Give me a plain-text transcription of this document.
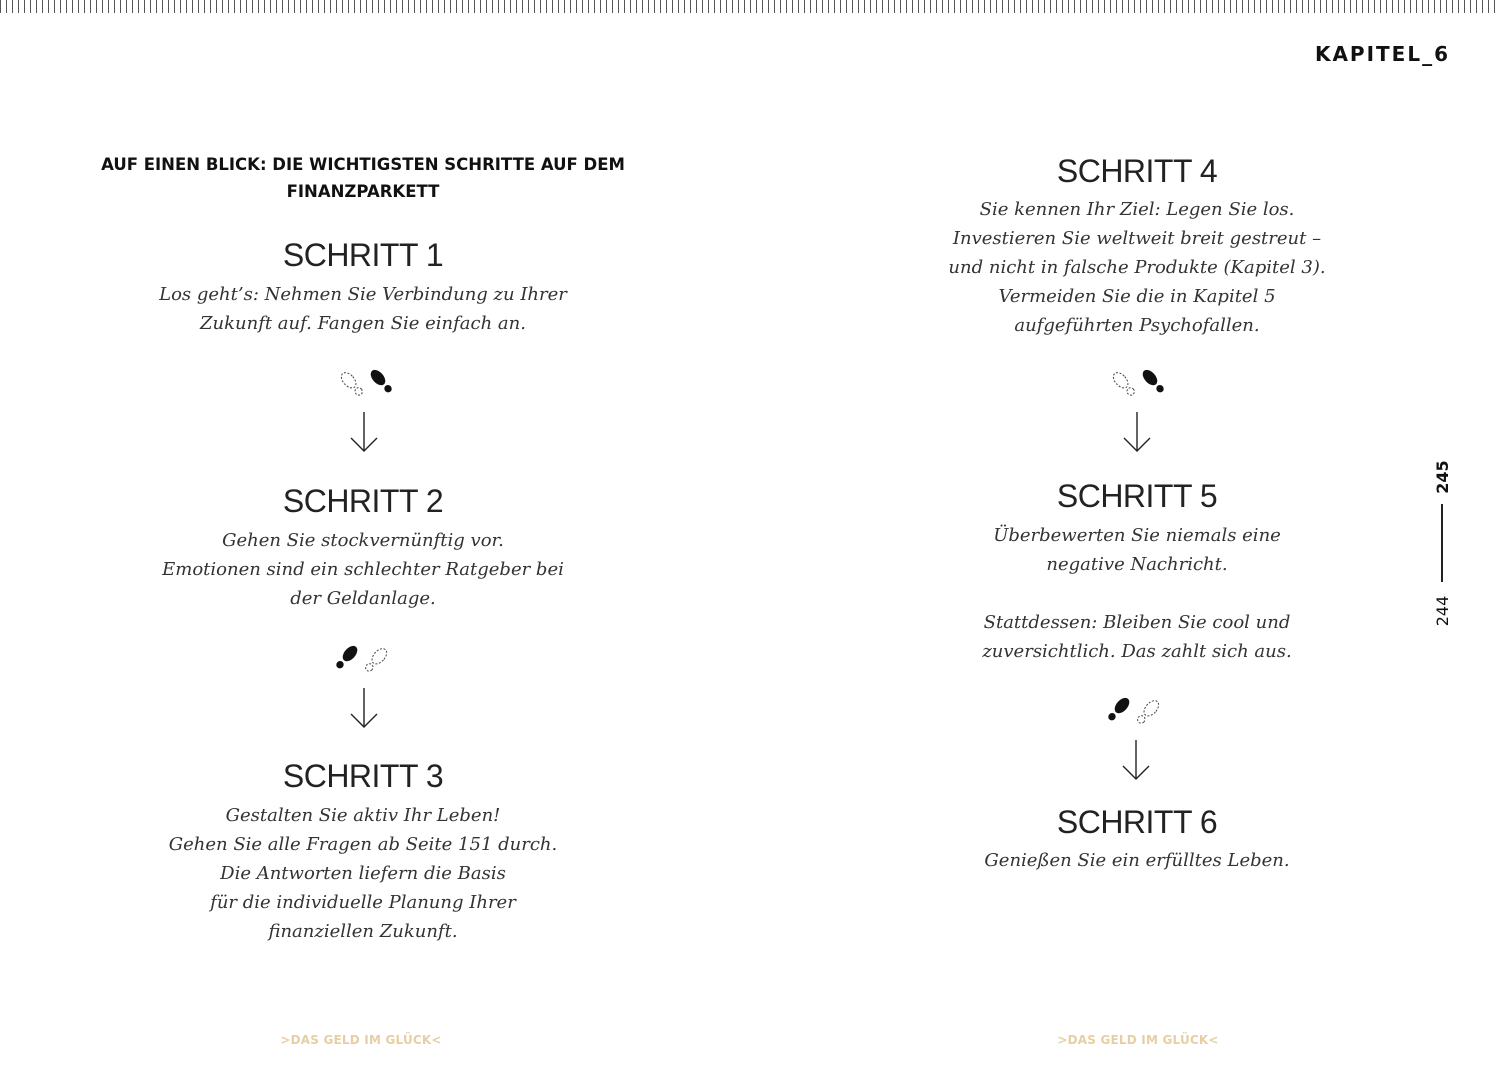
KAPITEL_6
AUF EINEN BLICK: DIE WICHTIGSTEN SCHRITTE AUF DEM FINANZPARKETT
SCHRITT 1

Los geht’s: Nehmen Sie Verbindung zu Ihrer

Zukunft auf. Fangen Sie einfach an.

SCHRITT 2

Gehen Sie stockvernünftig vor.

Emotionen sind ein schlechter Ratgeber bei

der Geldanlage.

SCHRITT 3

Gestalten Sie aktiv Ihr Leben!

Gehen Sie alle Fragen ab Seite 151 durch.

Die Antworten liefern die Basis

für die individuelle Planung Ihrer

finanziellen Zukunft.

SCHRITT 4

Sie kennen Ihr Ziel: Legen Sie los.

Investieren Sie weltweit breit gestreut –

und nicht in falsche Produkte (Kapitel 3).

Vermeiden Sie die in Kapitel 5

aufgeführten Psychofallen.

SCHRITT 5

Überbewerten Sie niemals eine

negative Nachricht.

Stattdessen: Bleiben Sie cool und

zuversichtlich. Das zahlt sich aus.

SCHRITT 6

Genießen Sie ein erfülltes Leben.

245
244
>DAS GELD IM GLÜCK<	>DAS GELD IM GLÜCK<
